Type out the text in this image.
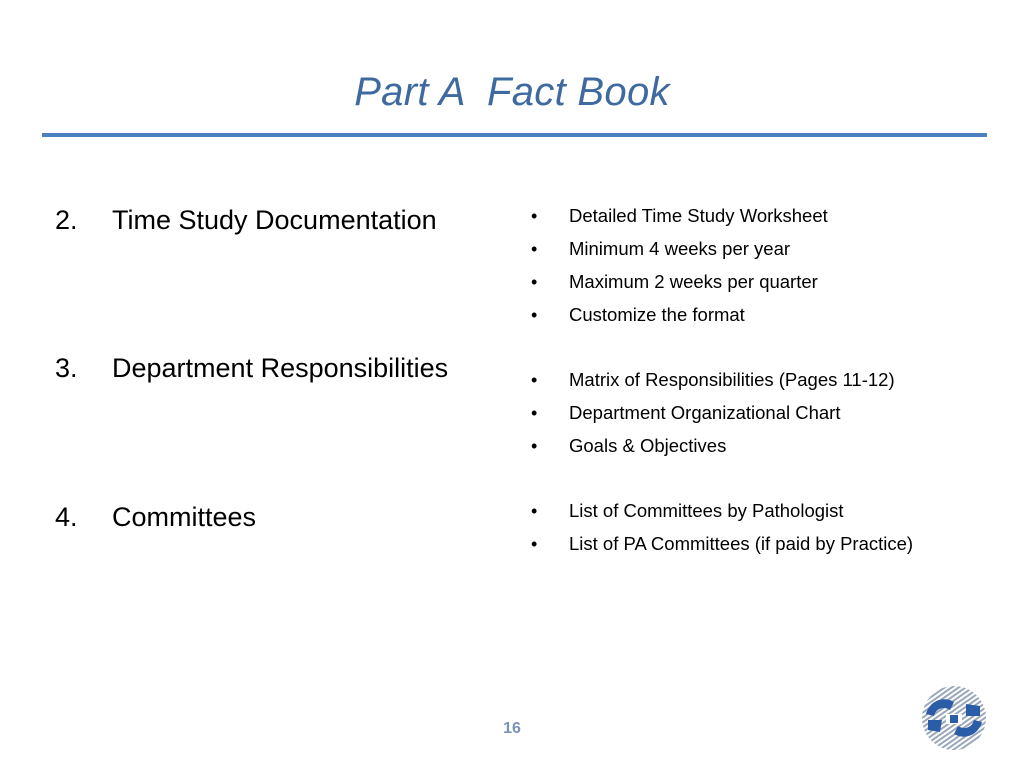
Part A  Fact Book
2. Time Study Documentation	• Detailed Time Study Worksheet
• Minimum 4 weeks per year
• Maximum 2 weeks per quarter
• Customize the format
3. Department Responsibilities	• Matrix of Responsibilities (Pages 11-12)
• Department Organizational Chart
• Goals & Objectives
4. Committees	• List of Committees by Pathologist
• List of PA Committees (if paid by Practice)
16
